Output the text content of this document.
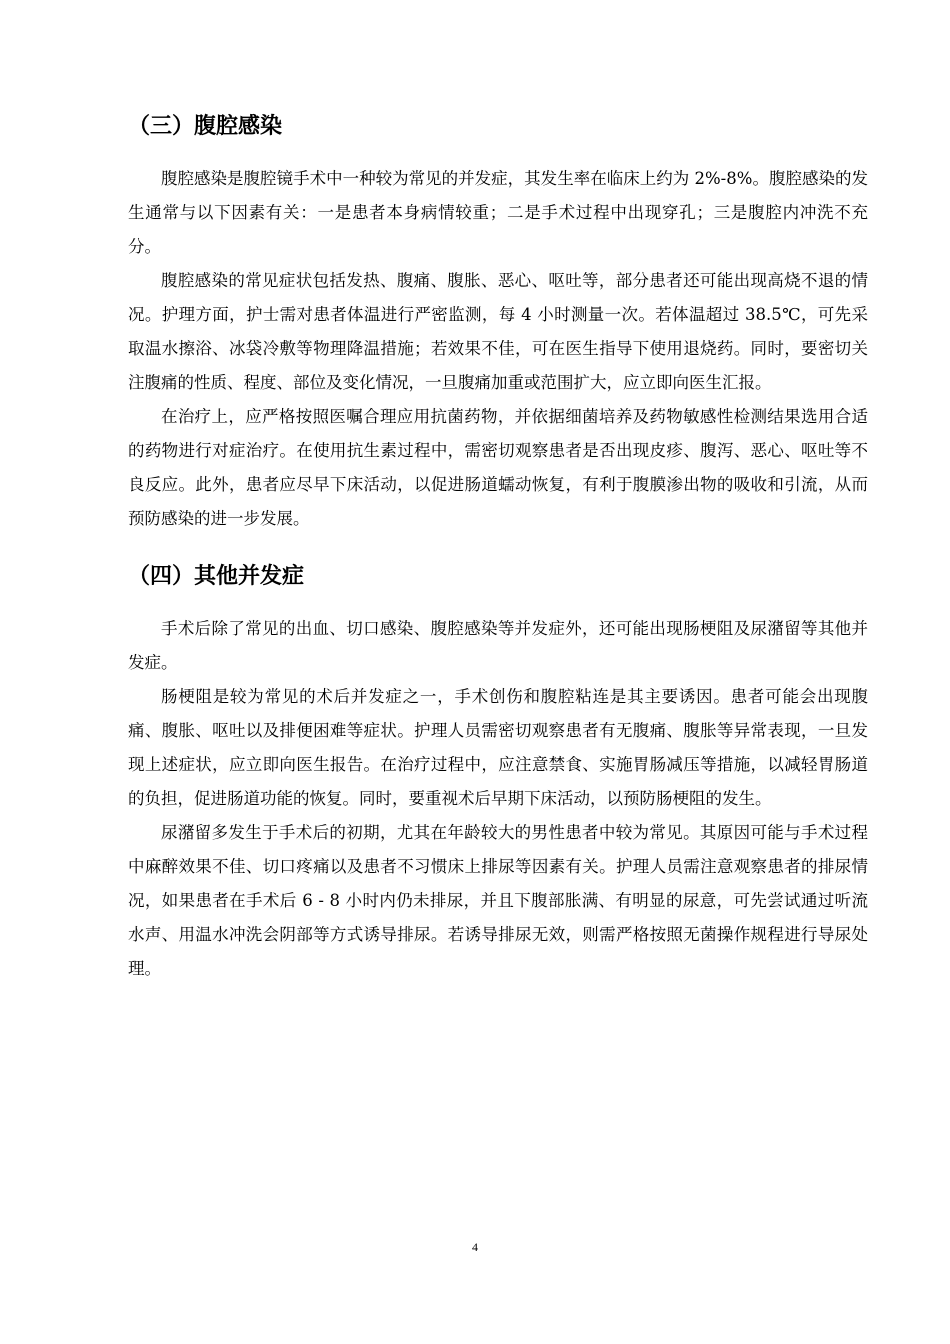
（三）腹腔感染

腹腔感染是腹腔镜手术中一种较为常见的并发症，其发生率在临床上约为 2%-8%。腹腔感染的发生通常与以下因素有关：一是患者本身病情较重；二是手术过程中出现穿孔；三是腹腔内冲洗不充分。

腹腔感染的常见症状包括发热、腹痛、腹胀、恶心、呕吐等，部分患者还可能出现高烧不退的情况。护理方面，护士需对患者体温进行严密监测，每 4 小时测量一次。若体温超过 38.5℃，可先采取温水擦浴、冰袋冷敷等物理降温措施；若效果不佳，可在医生指导下使用退烧药。同时，要密切关注腹痛的性质、程度、部位及变化情况，一旦腹痛加重或范围扩大，应立即向医生汇报。

在治疗上，应严格按照医嘱合理应用抗菌药物，并依据细菌培养及药物敏感性检测结果选用合适的药物进行对症治疗。在使用抗生素过程中，需密切观察患者是否出现皮疹、腹泻、恶心、呕吐等不良反应。此外，患者应尽早下床活动，以促进肠道蠕动恢复，有利于腹膜渗出物的吸收和引流，从而预防感染的进一步发展。

（四）其他并发症

手术后除了常见的出血、切口感染、腹腔感染等并发症外，还可能出现肠梗阻及尿潴留等其他并发症。

肠梗阻是较为常见的术后并发症之一，手术创伤和腹腔粘连是其主要诱因。患者可能会出现腹痛、腹胀、呕吐以及排便困难等症状。护理人员需密切观察患者有无腹痛、腹胀等异常表现，一旦发现上述症状，应立即向医生报告。在治疗过程中，应注意禁食、实施胃肠减压等措施，以减轻胃肠道的负担，促进肠道功能的恢复。同时，要重视术后早期下床活动，以预防肠梗阻的发生。

尿潴留多发生于手术后的初期，尤其在年龄较大的男性患者中较为常见。其原因可能与手术过程中麻醉效果不佳、切口疼痛以及患者不习惯床上排尿等因素有关。护理人员需注意观察患者的排尿情况，如果患者在手术后 6 - 8 小时内仍未排尿，并且下腹部胀满、有明显的尿意，可先尝试通过听流水声、用温水冲洗会阴部等方式诱导排尿。若诱导排尿无效，则需严格按照无菌操作规程进行导尿处理。

4
